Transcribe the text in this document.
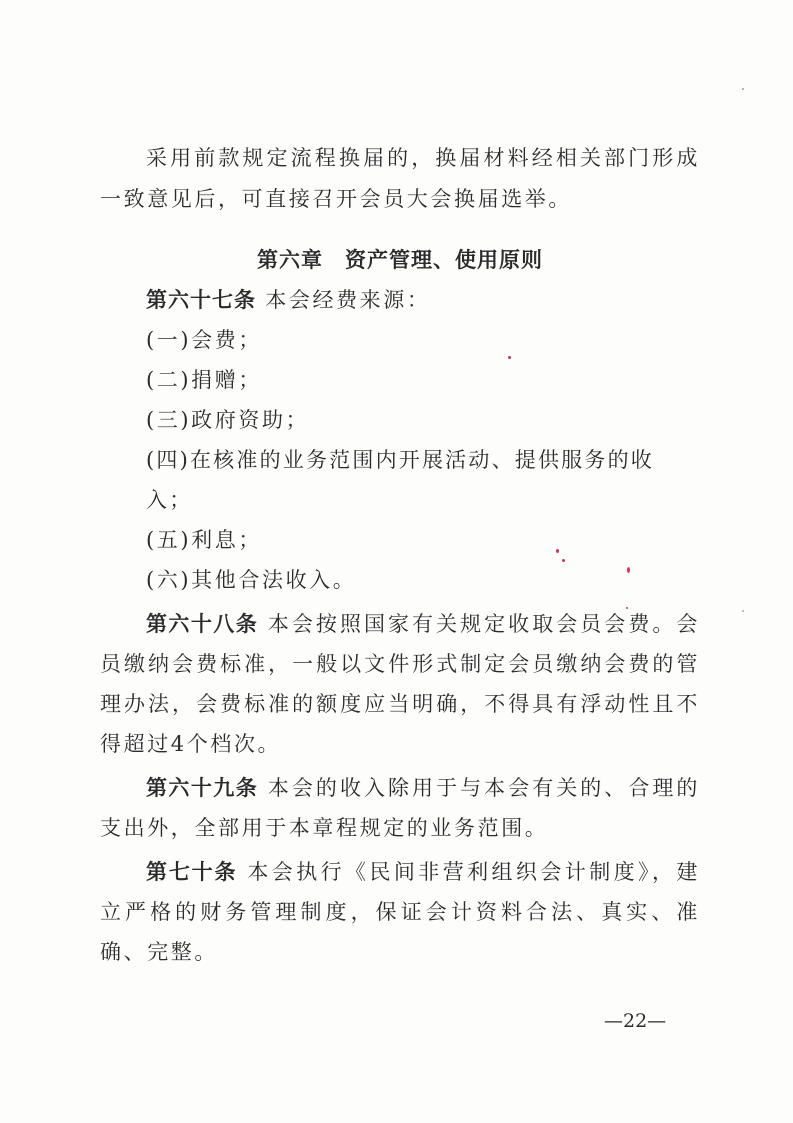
采用前款规定流程换届的，换届材料经相关部门形成一致意见后，可直接召开会员大会换届选举。

第六章 资产管理、使用原则

第六十七条 本会经费来源：

(一)会费；

(二)捐赠；

(三)政府资助；

(四)在核准的业务范围内开展活动、提供服务的收入；

(五)利息；

(六)其他合法收入。

第六十八条 本会按照国家有关规定收取会员会费。会员缴纳会费标准，一般以文件形式制定会员缴纳会费的管理办法，会费标准的额度应当明确，不得具有浮动性且不得超过4个档次。

第六十九条 本会的收入除用于与本会有关的、合理的支出外，全部用于本章程规定的业务范围。

第七十条 本会执行《民间非营利组织会计制度》，建立严格的财务管理制度，保证会计资料合法、真实、准确、完整。

—22—
